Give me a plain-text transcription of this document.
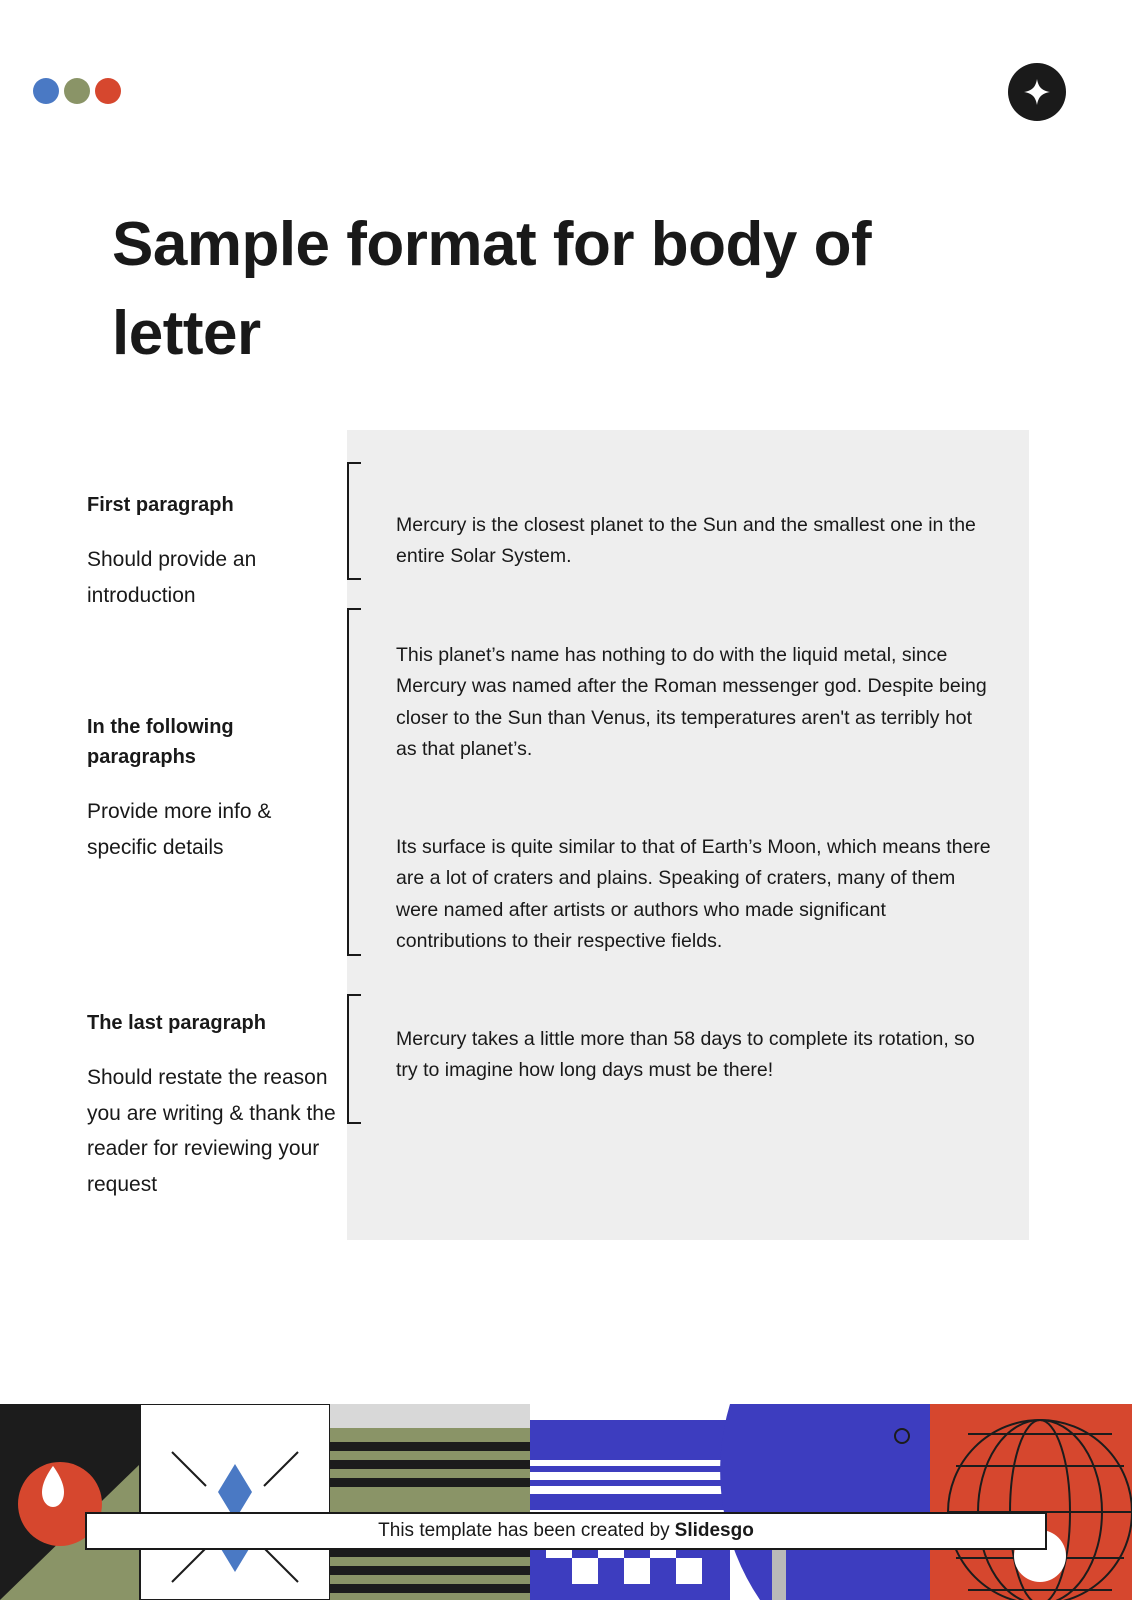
Sample format for body of letter

First paragraph

Should provide an introduction

In the following paragraphs

Provide more info & specific details

The last paragraph

Should restate the reason you are writing & thank the reader for reviewing your request

Mercury is the closest planet to the Sun and the smallest one in the entire Solar System.

This planet’s name has nothing to do with the liquid metal, since Mercury was named after the Roman messenger god. Despite being closer to the Sun than Venus, its temperatures aren't as terribly hot as that planet’s.

Its surface is quite similar to that of Earth’s Moon, which means there are a lot of craters and plains. Speaking of craters, many of them were named after artists or authors who made significant contributions to their respective fields.

Mercury takes a little more than 58 days to complete its rotation, so try to imagine how long days must be there!

This template has been created by Slidesgo
